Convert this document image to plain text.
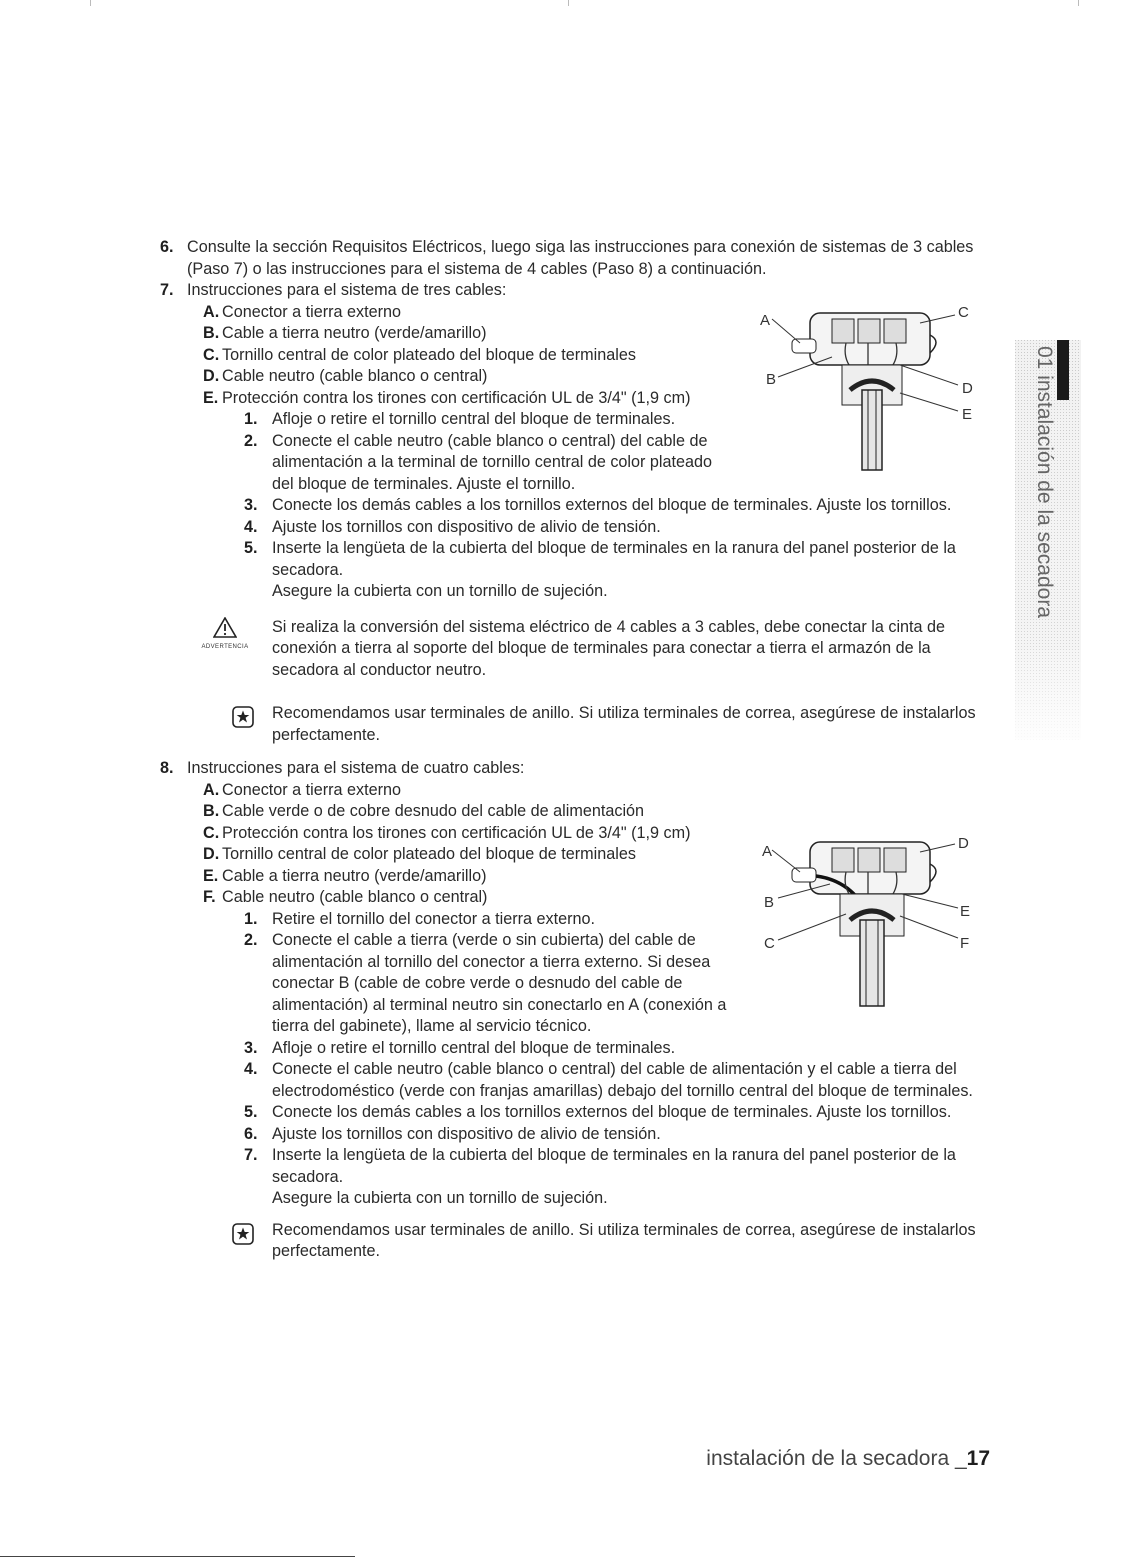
6. Consulte la sección Requisitos Eléctricos, luego siga las instrucciones para conexión de sistemas de 3 cables (Paso 7) o las instrucciones para el sistema de 4 cables (Paso 8) a continuación.

7. Instrucciones para el sistema de tres cables:

A. Conector a tierra externo

B. Cable a tierra neutro (verde/amarillo)

C. Tornillo central de color plateado del bloque de terminales

D. Cable neutro (cable blanco o central)

E. Protección contra los tirones con certificación UL de 3/4" (1,9 cm)

1. Afloje o retire el tornillo central del bloque de terminales.

2. Conecte el cable neutro (cable blanco o central) del cable de alimentación a la terminal de tornillo central de color plateado del bloque de terminales. Ajuste el tornillo.

3. Conecte los demás cables a los tornillos externos del bloque de terminales. Ajuste los tornillos.

4. Ajuste los tornillos con dispositivo de alivio de tensión.

5. Inserte la lengüeta de la cubierta del bloque de terminales en la ranura del panel posterior de la secadora.
Asegure la cubierta con un tornillo de sujeción.

ADVERTENCIA
Si realiza la conversión del sistema eléctrico de 4 cables a 3 cables, debe conectar la cinta de conexión a tierra al soporte del bloque de terminales para conectar a tierra el armazón de la secadora al conductor neutro.

Recomendamos usar terminales de anillo. Si utiliza terminales de correa, asegúrese de instalarlos perfectamente.

8. Instrucciones para el sistema de cuatro cables:

A. Conector a tierra externo

B. Cable verde o de cobre desnudo del cable de alimentación

C. Protección contra los tirones con certificación UL de 3/4" (1,9 cm)

D. Tornillo central de color plateado del bloque de terminales

E. Cable a tierra neutro (verde/amarillo)

F. Cable neutro (cable blanco o central)

1. Retire el tornillo del conector a tierra externo.

2. Conecte el cable a tierra (verde o sin cubierta) del cable de alimentación al tornillo del conector a tierra externo. Si desea conectar B (cable de cobre verde o desnudo del cable de alimentación) al terminal neutro sin conectarlo en A (conexión a tierra del gabinete), llame al servicio técnico.

3. Afloje o retire el tornillo central del bloque de terminales.

4. Conecte el cable neutro (cable blanco o central) del cable de alimentación y el cable a tierra del electrodoméstico (verde con franjas amarillas) debajo del tornillo central del bloque de terminales.

5. Conecte los demás cables a los tornillos externos del bloque de terminales. Ajuste los tornillos.

6. Ajuste los tornillos con dispositivo de alivio de tensión.

7. Inserte la lengüeta de la cubierta del bloque de terminales en la ranura del panel posterior de la secadora.
Asegure la cubierta con un tornillo de sujeción.

Recomendamos usar terminales de anillo. Si utiliza terminales de correa, asegúrese de instalarlos perfectamente.

A	C
B
D
E
A	D
B
E
C	F
01 instalación de la secadora
instalación de la secadora _17
